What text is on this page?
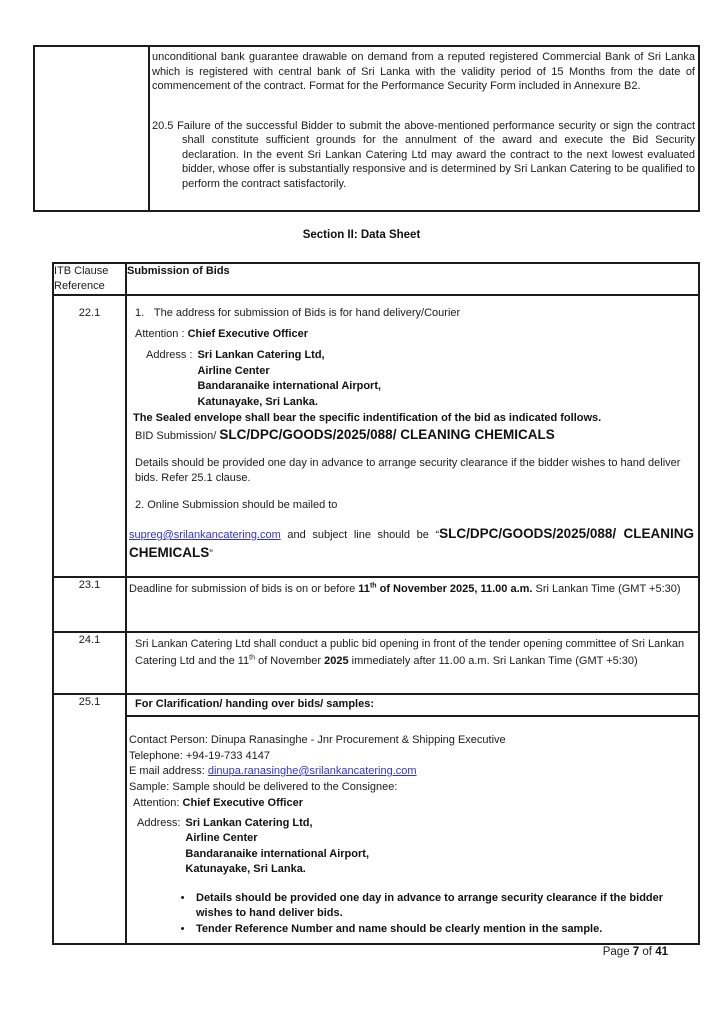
unconditional bank guarantee drawable on demand from a reputed registered Commercial Bank of Sri Lanka which is registered with central bank of Sri Lanka with the validity period of 15 Months from the date of commencement of the contract. Format for the Performance Security Form included in Annexure B2.

20.5 Failure of the successful Bidder to submit the above-mentioned performance security or sign the contract shall constitute sufficient grounds for the annulment of the award and execute the Bid Security declaration. In the event Sri Lankan Catering Ltd may award the contract to the next lowest evaluated bidder, whose offer is substantially responsive and is determined by Sri Lankan Catering to be qualified to perform the contract satisfactorily.

Section II: Data Sheet

ITB Clause Reference	Submission of Bids
22.1	1. The address for submission of Bids is for hand delivery/Courier
Attention : Chief Executive Officer
Address : Sri Lankan Catering Ltd,
Airline Center
Bandaranaike international Airport,
Katunayake, Sri Lanka.
The Sealed envelope shall bear the specific indentification of the bid as indicated follows.
BID Submission/ SLC/DPC/GOODS/2025/088/ CLEANING CHEMICALS
Details should be provided one day in advance to arrange security clearance if the bidder wishes to hand deliver bids. Refer 25.1 clause.
2. Online Submission should be mailed to
supreg@srilankancatering.com and subject line should be “SLC/DPC/GOODS/2025/088/ CLEANING CHEMICALS”

23.1	Deadline for submission of bids is on or before 11th of November 2025, 11.00 a.m. Sri Lankan Time (GMT +5:30)

24.1	Sri Lankan Catering Ltd shall conduct a public bid opening in front of the tender opening committee of Sri Lankan Catering Ltd and the 11th of November 2025 immediately after 11.00 a.m. Sri Lankan Time (GMT +5:30)

25.1	For Clarification/ handing over bids/ samples:
Contact Person: Dinupa Ranasinghe - Jnr Procurement & Shipping Executive
Telephone: +94-19-733 4147
E mail address: dinupa.ranasinghe@srilankancatering.com
Sample: Sample should be delivered to the Consignee:
Attention: Chief Executive Officer
Address: Sri Lankan Catering Ltd,
Airline Center
Bandaranaike international Airport,
Katunayake, Sri Lanka.
•	Details should be provided one day in advance to arrange security clearance if the bidder wishes to hand deliver bids.
•	Tender Reference Number and name should be clearly mention in the sample.
Page 7 of 41
